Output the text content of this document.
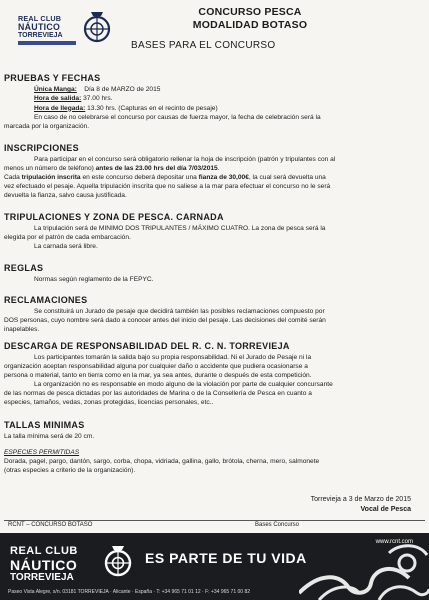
REAL CLUB
NÁUTICO
TORREVIEJA
CONCURSO PESCA
MODALIDAD BOTASO
BASES PARA EL CONCURSO
PRUEBAS Y FECHAS
Única Manga: Día 8 de MARZO de 2015
Hora de salida: 37.00 hrs.
Hora de llegada: 13.30 hrs. (Capturas en el recinto de pesaje)
En caso de no celebrarse el concurso por causas de fuerza mayor, la fecha de celebración será la
marcada por la organización.
INSCRIPCIONES
Para participar en el concurso será obligatorio rellenar la hoja de inscripción (patrón y tripulantes con al
menos un número de teléfono) antes de las 23.00 hrs del día 7/03/2015.
Cada tripulación inscrita en este concurso deberá depositar una fianza de 30,00€, la cual será devuelta una
vez efectuado el pesaje. Aquella tripulación inscrita que no saliese a la mar para efectuar el concurso no le será
devuelta la fianza, salvo causa justificada.
TRIPULACIONES Y ZONA DE PESCA. CARNADA
La tripulación será de MINIMO DOS TRIPULANTES / MÁXIMO CUATRO. La zona de pesca será la
elegida por el patrón de cada embarcación.
La carnada será libre.
REGLAS
Normas según reglamento de la FEPYC.
RECLAMACIONES
Se constituirá un Jurado de pesaje que decidirá también las posibles reclamaciones compuesto por
DOS personas, cuyo nombre será dado a conocer antes del inicio del pesaje. Las decisiones del comité serán
inapelables.
DESCARGA DE RESPONSABILIDAD DEL R. C. N. TORREVIEJA
Los participantes tomarán la salida bajo su propia responsabilidad. Ni el Jurado de Pesaje ni la
organización aceptan responsabilidad alguna por cualquier daño o accidente que pudiera ocasionarse a
persona o material, tanto en tierra como en la mar, ya sea antes, durante o después de esta competición.
La organización no es responsable en modo alguno de la violación por parte de cualquier concursante
de las normas de pesca dictadas por las autoridades de Marina o de la Consellería de Pesca en cuanto a
especies, tamaños, vedas, zonas protegidas, licencias personales, etc..
TALLAS MINIMAS
La talla mínima será de 20 cm.
ESPECIES PERMITIDAS
Dorada, pagel, pargo, dantón, sargo, corba, chopa, vidriada, gallina, gallo, brótola, cherna, mero, salmonete
(otras especies a criterio de la organización).
Torrevieja a 3 de Marzo de 2015
Vocal de Pesca
RCNT – CONCURSO BOTASO	Bases Concurso
www.rcnt.com
REAL CLUB
NÁUTICO
TORREVIEJA
ES PARTE DE TU VIDA
Paseo Vista Alegre, s/n. 03181 TORREVIEJA · Alicante · España · T: +34 965 71 01 12 · F: +34 965 71 00 82
